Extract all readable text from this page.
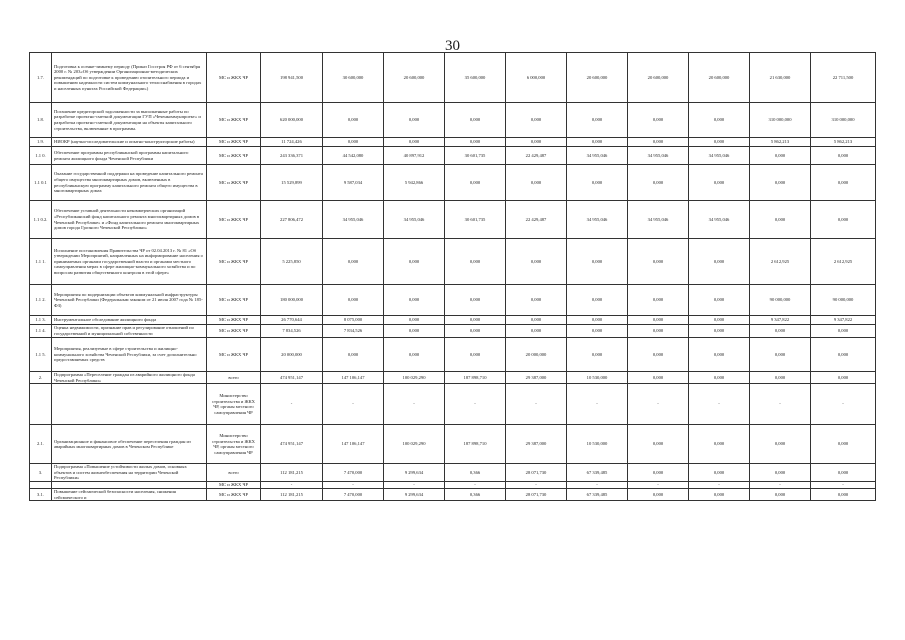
30
1.7.	Подготовка к осенне-зимнему периоду (Приказ Госстроя РФ от 6 сентября 2000 г. № 203«Об утверждении Организационно-методических рекомендаций по подготовке к проведению отопительного периода и повышению надежности систем коммунального теплоснабжения в городах и населенных пунктах Российской Федерации»)	МС и ЖКХ ЧР	198 941,500	30 600,000	20 600,000	35 600,000	6 000,000	20 600,000	20 600,000	20 600,000	21 630,000	22 711,500
1.8.	Погашение кредиторской задолженности за выполненные работы по разработке проектно-сметной документации ГУП «Чеченкоммунпроект» и разработка проектно-сметной документации на объекты капитального строительства, включенные в программы.	МС и ЖКХ ЧР	620 000,000	0,000	0,000	0,000	0,000	0,000	0,000	0,000	310 000,000	310 000,000
1.9.	НИОКР (научно-исследовательские и опытно-конструкторские работы)	МС и ЖКХ ЧР	11 724,426	0,000	0,000	0,000	0,000	0,000	0,000	0,000	5 862,213	5 862,213
1.1 0.	Обеспечение программы республиканской программы капитального ремонта жилищного фонда Чеченской Республики	МС и ЖКХ ЧР	243 336,371	44 542,080	40 897,912	30 601,735	22 429,487	34 955,046	34 955,046	34 955,046	0,000	0,000
1.1 0.1	Оказание государственной поддержки на проведение капитального ремонта общего имущества многоквартирных домов, включенных в республиканскую программу капитального ремонта общего имущества в многоквартирных домах	МС и ЖКХ ЧР	15 529,899	9 587,034	5 942,866	0,000	0,000	0,000	0,000	0,000	0,000	0,000
1.1 0.2.	Обеспечение уставной деятельности некоммерческих организаций «Республиканский фонд капитального ремонта многоквартирных домов в Чеченской Республике» и «Фонд капитального ремонта многоквартирных домов города Грозного Чеченской Республики»	МС и ЖКХ ЧР	227 806,472	34 955,046	34 955,046	30 601,735	22 429,487	34 955,046	34 955,046	34 955,046	0,000	0,000
1.1 1.	Исполнение постановления Правительства ЧР от 02.04.2013 г. № 81 «Об утверждении Мероприятий, направленных на информирование населения о принимаемых органами государственной власти и органами местного самоуправления мерах в сфере жилищно-коммунального хозяйства и по вопросам развития общественного контроля в этой сфере»	МС и ЖКХ ЧР	5 225,850	0,000	0,000	0,000	0,000	0,000	0,000	0,000	2 612,925	2 612,925
1.1 2.	Мероприятия по модернизации объектов коммунальной инфраструктуры Чеченской Республики (Федеральным законом от 21 июля 2007 года № 185-ФЗ)	МС и ЖКХ ЧР	180 000,000	0,000	0,000	0,000	0,000	0,000	0,000	0,000	90 000,000	90 000,000
1.1 3.	Инструментальное обследование жилищного фонда	МС и ЖКХ ЧР	26 770,644	8 075,000	0,000	0,000	0,000	0,000	0,000	0,000	9 347,822	9 347,822
1.1 4.	Оценка недвижимости, признание прав и регулирование отношений по государственной и муниципальной собственности	МС и ЖКХ ЧР	7 834,526	7 834,526	0,000	0,000	0,000	0,000	0,000	0,000	0,000	0,000
1.1 5.	Мероприятия, реализуемые в сфере строительства и жилищно-коммунального хозяйства Чеченской Республики, за счет дополнительно предоставляемых средств	МС и ЖКХ ЧР	20 000,000	0,000	0,000	0,000	20 000,000	0,000	0,000	0,000	0,000	0,000
2.	Подпрограмма «Переселение граждан из аварийного жилищного фонда Чеченской Республики»	всего	474 951,147	147 106,147	100 029,290	187 898,710	29 387,000	10 530,000	0,000	0,000	0,000	0,000
		Министерство строительства и ЖКХ ЧР, органы местного самоуправления ЧР	-	-	-	-	-	-	-	-	-	-
2.1.	Организационное и финансовое обеспечение переселения граждан из аварийных многоквартирных домов в Чеченском Республике	Министерство строительства и ЖКХ ЧР, органы местного самоуправления ЧР	474 951,147	147 106,147	100 029,290	187 898,710	29 387,000	10 530,000	0,000	0,000	0,000	0,000
3.	Подпрограмма «Повышение устойчивости жилых домов, основных объектов и систем жизнеобеспечения на территории Чеченской Республики»	всего	112 181,215	7 470,000	9 299,634	0,366	28 071,730	67 339,485	0,000	0,000	0,000	0,000
		МС и ЖКХ ЧР	-	-	-	-	-	-	-	-	-	-
3.1.	Повышение сейсмической безопасности населения, снижения сейсмического и	МС и ЖКХ ЧР	112 181,215	7 470,000	9 299,634	0,366	28 071,730	67 339,485	0,000	0,000	0,000	0,000
